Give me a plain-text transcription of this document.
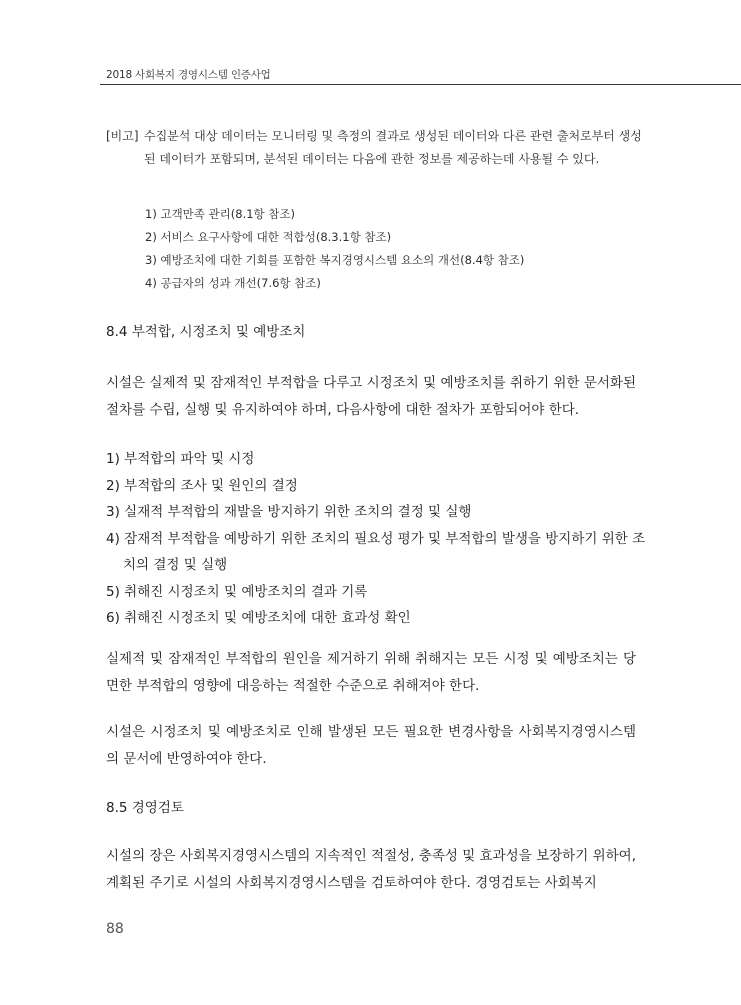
2018 사회복지 경영시스템 인증사업
[비고] 수집분석 대상 데이터는 모니터링 및 측정의 결과로 생성된 데이터와 다른 관련 출처로부터 생성된 데이터가 포함되며, 분석된 데이터는 다음에 관한 정보를 제공하는데 사용될 수 있다.
1) 고객만족 관리(8.1항 참조)
2) 서비스 요구사항에 대한 적합성(8.3.1항 참조)
3) 예방조치에 대한 기회를 포함한 복지경영시스템 요소의 개선(8.4항 참조)
4) 공급자의 성과 개선(7.6항 참조)
8.4 부적합, 시정조치 및 예방조치
시설은 실제적 및 잠재적인 부적합을 다루고 시정조치 및 예방조치를 취하기 위한 문서화된 절차를 수립, 실행 및 유지하여야 하며, 다음사항에 대한 절차가 포함되어야 한다.
1) 부적합의 파악 및 시정
2) 부적합의 조사 및 원인의 결정
3) 실재적 부적합의 재발을 방지하기 위한 조치의 결정 및 실행
4) 잠재적 부적합을 예방하기 위한 조치의 필요성 평가 및 부적합의 발생을 방지하기 위한 조치의 결정 및 실행
5) 취해진 시정조치 및 예방조치의 결과 기록
6) 취해진 시정조치 및 예방조치에 대한 효과성 확인
실제적 및 잠재적인 부적합의 원인을 제거하기 위해 취해지는 모든 시정 및 예방조치는 당면한 부적합의 영향에 대응하는 적절한 수준으로 취해져야 한다.
시설은 시정조치 및 예방조치로 인해 발생된 모든 필요한 변경사항을 사회복지경영시스템의 문서에 반영하여야 한다.
8.5 경영검토
시설의 장은 사회복지경영시스템의 지속적인 적절성, 충족성 및 효과성을 보장하기 위하여, 계획된 주기로 시설의 사회복지경영시스템을 검토하여야 한다. 경영검토는 사회복지
88
